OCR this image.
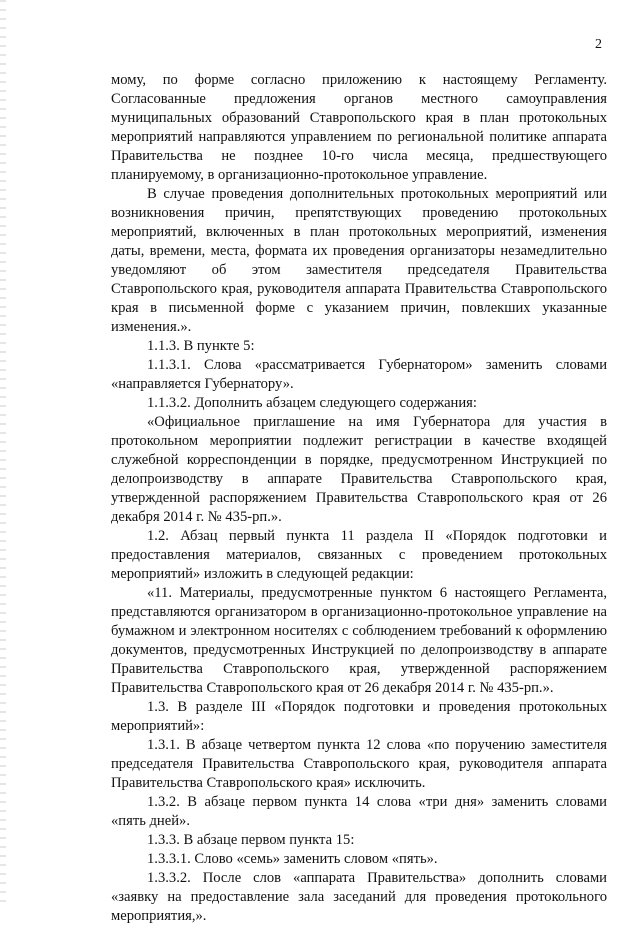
2

мому, по форме согласно приложению к настоящему Регламенту. Согласованные предложения органов местного самоуправления муниципальных образований Ставропольского края в план протокольных мероприятий направляются управлением по региональной политике аппарата Правительства не позднее 10-го числа месяца, предшествующего планируемому, в организационно-протокольное управление.

В случае проведения дополнительных протокольных мероприятий или возникновения причин, препятствующих проведению протокольных мероприятий, включенных в план протокольных мероприятий, изменения даты, времени, места, формата их проведения организаторы незамедлительно уведомляют об этом заместителя председателя Правительства Ставропольского края, руководителя аппарата Правительства Ставропольского края в письменной форме с указанием причин, повлекших указанные изменения.».

1.1.3. В пункте 5:

1.1.3.1. Слова «рассматривается Губернатором» заменить словами «направляется Губернатору».

1.1.3.2. Дополнить абзацем следующего содержания:

«Официальное приглашение на имя Губернатора для участия в протокольном мероприятии подлежит регистрации в качестве входящей служебной корреспонденции в порядке, предусмотренном Инструкцией по делопроизводству в аппарате Правительства Ставропольского края, утвержденной распоряжением Правительства Ставропольского края от 26 декабря 2014 г. № 435-рп.».

1.2. Абзац первый пункта 11 раздела II «Порядок подготовки и предоставления материалов, связанных с проведением протокольных мероприятий» изложить в следующей редакции:

«11. Материалы, предусмотренные пунктом 6 настоящего Регламента, представляются организатором в организационно-протокольное управление на бумажном и электронном носителях с соблюдением требований к оформлению документов, предусмотренных Инструкцией по делопроизводству в аппарате Правительства Ставропольского края, утвержденной распоряжением Правительства Ставропольского края от 26 декабря 2014 г. № 435-рп.».

1.3. В разделе III «Порядок подготовки и проведения протокольных мероприятий»:

1.3.1. В абзаце четвертом пункта 12 слова «по поручению заместителя председателя Правительства Ставропольского края, руководителя аппарата Правительства Ставропольского края» исключить.

1.3.2. В абзаце первом пункта 14 слова «три дня» заменить словами «пять дней».

1.3.3. В абзаце первом пункта 15:

1.3.3.1. Слово «семь» заменить словом «пять».

1.3.3.2. После слов «аппарата Правительства» дополнить словами «заявку на предоставление зала заседаний для проведения протокольного мероприятия,».
